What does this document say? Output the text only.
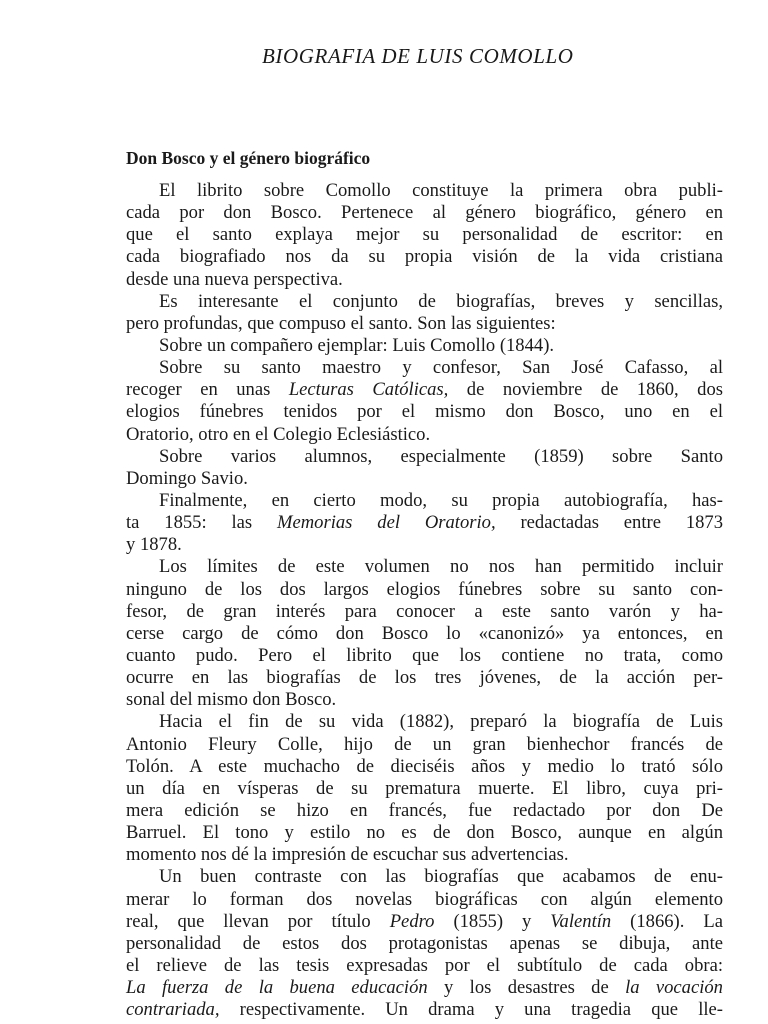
BIOGRAFIA DE LUIS COMOLLO
Don Bosco y el género biográfico
El librito sobre Comollo constituye la primera obra publi-
cada por don Bosco. Pertenece al género biográfico, género en
que el santo explaya mejor su personalidad de escritor: en
cada biografiado nos da su propia visión de la vida cristiana
desde una nueva perspectiva.
Es interesante el conjunto de biografías, breves y sencillas,
pero profundas, que compuso el santo. Son las siguientes:
Sobre un compañero ejemplar: Luis Comollo (1844).
Sobre su santo maestro y confesor, San José Cafasso, al
recoger en unas Lecturas Católicas, de noviembre de 1860, dos
elogios fúnebres tenidos por el mismo don Bosco, uno en el
Oratorio, otro en el Colegio Eclesiástico.
Sobre varios alumnos, especialmente (1859) sobre Santo
Domingo Savio.
Finalmente, en cierto modo, su propia autobiografía, has-
ta 1855: las Memorias del Oratorio, redactadas entre 1873
y 1878.
Los límites de este volumen no nos han permitido incluir
ninguno de los dos largos elogios fúnebres sobre su santo con-
fesor, de gran interés para conocer a este santo varón y ha-
cerse cargo de cómo don Bosco lo «canonizó» ya entonces, en
cuanto pudo. Pero el librito que los contiene no trata, como
ocurre en las biografías de los tres jóvenes, de la acción per-
sonal del mismo don Bosco.
Hacia el fin de su vida (1882), preparó la biografía de Luis
Antonio Fleury Colle, hijo de un gran bienhechor francés de
Tolón. A este muchacho de dieciséis años y medio lo trató sólo
un día en vísperas de su prematura muerte. El libro, cuya pri-
mera edición se hizo en francés, fue redactado por don De
Barruel. El tono y estilo no es de don Bosco, aunque en algún
momento nos dé la impresión de escuchar sus advertencias.
Un buen contraste con las biografías que acabamos de enu-
merar lo forman dos novelas biográficas con algún elemento
real, que llevan por título Pedro (1855) y Valentín (1866). La
personalidad de estos dos protagonistas apenas se dibuja, ante
el relieve de las tesis expresadas por el subtítulo de cada obra:
La fuerza de la buena educación y los desastres de la vocación
contrariada, respectivamente. Un drama y una tragedia que lle-
